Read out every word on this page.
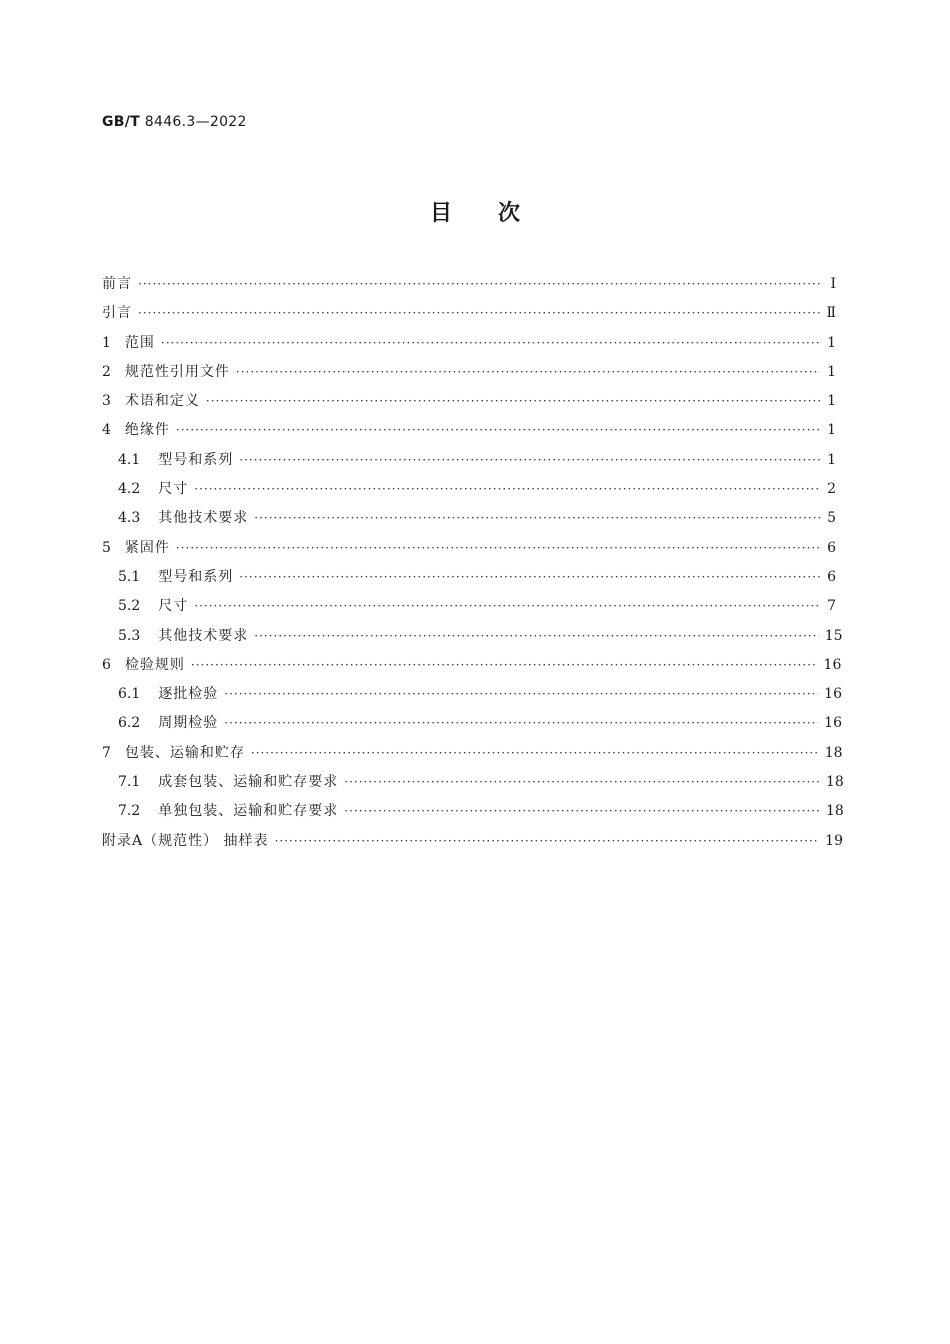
GB/T 8446.3—2022
目次
前言 ·····	Ⅰ
引言 ·····	Ⅱ
1 范围 ·····	1
2 规范性引用文件 ·····	1
3 术语和定义 ·····	1
4 绝缘件 ·····	1
4.1 型号和系列 ·····	1
4.2 尺寸 ·····	2
4.3 其他技术要求 ·····	5
5 紧固件 ·····	6
5.1 型号和系列 ·····	6
5.2 尺寸 ·····	7
5.3 其他技术要求 ·····	15
6 检验规则 ·····	16
6.1 逐批检验 ·····	16
6.2 周期检验 ·····	16
7 包装、运输和贮存 ·····	18
7.1 成套包装、运输和贮存要求 ·····	18
7.2 单独包装、运输和贮存要求 ·····	18
附录A（规范性） 抽样表 ·····	19
